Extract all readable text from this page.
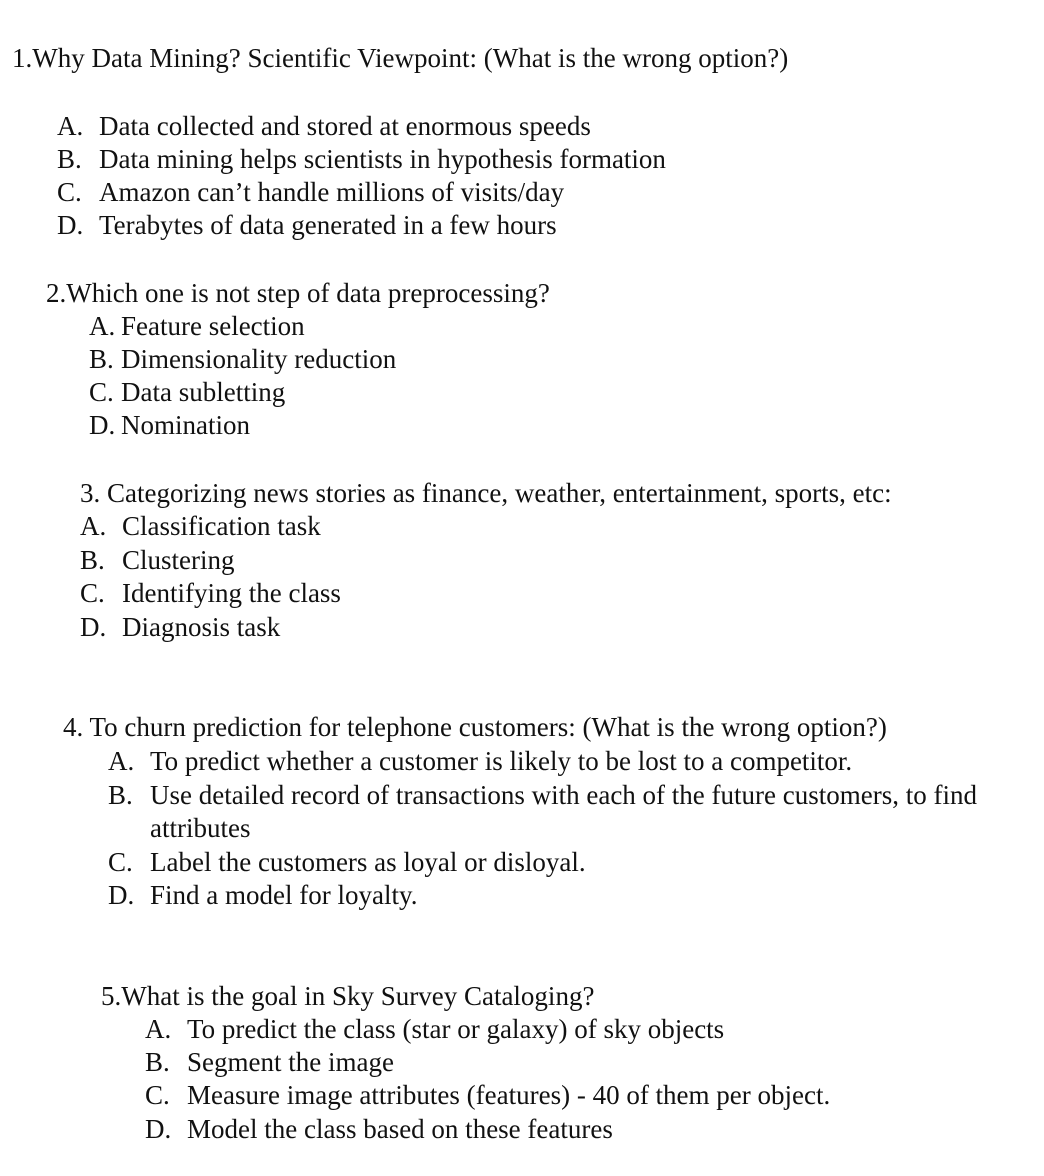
1.Why Data Mining? Scientific Viewpoint: (What is the wrong option?)
A. Data collected and stored at enormous speeds
B. Data mining helps scientists in hypothesis formation
C. Amazon can’t handle millions of visits/day
D. Terabytes of data generated in a few hours
2.Which one is not step of data preprocessing?
A. Feature selection
B. Dimensionality reduction
C. Data subletting
D. Nomination
3. Categorizing news stories as finance, weather, entertainment, sports, etc:
A. Classification task
B. Clustering
C. Identifying the class
D. Diagnosis task
4. To churn prediction for telephone customers: (What is the wrong option?)
A. To predict whether a customer is likely to be lost to a competitor.
B. Use detailed record of transactions with each of the future customers, to find attributes
C. Label the customers as loyal or disloyal.
D. Find a model for loyalty.
5.What is the goal in Sky Survey Cataloging?
A. To predict the class (star or galaxy) of sky objects
B. Segment the image
C. Measure image attributes (features) - 40 of them per object.
D. Model the class based on these features
